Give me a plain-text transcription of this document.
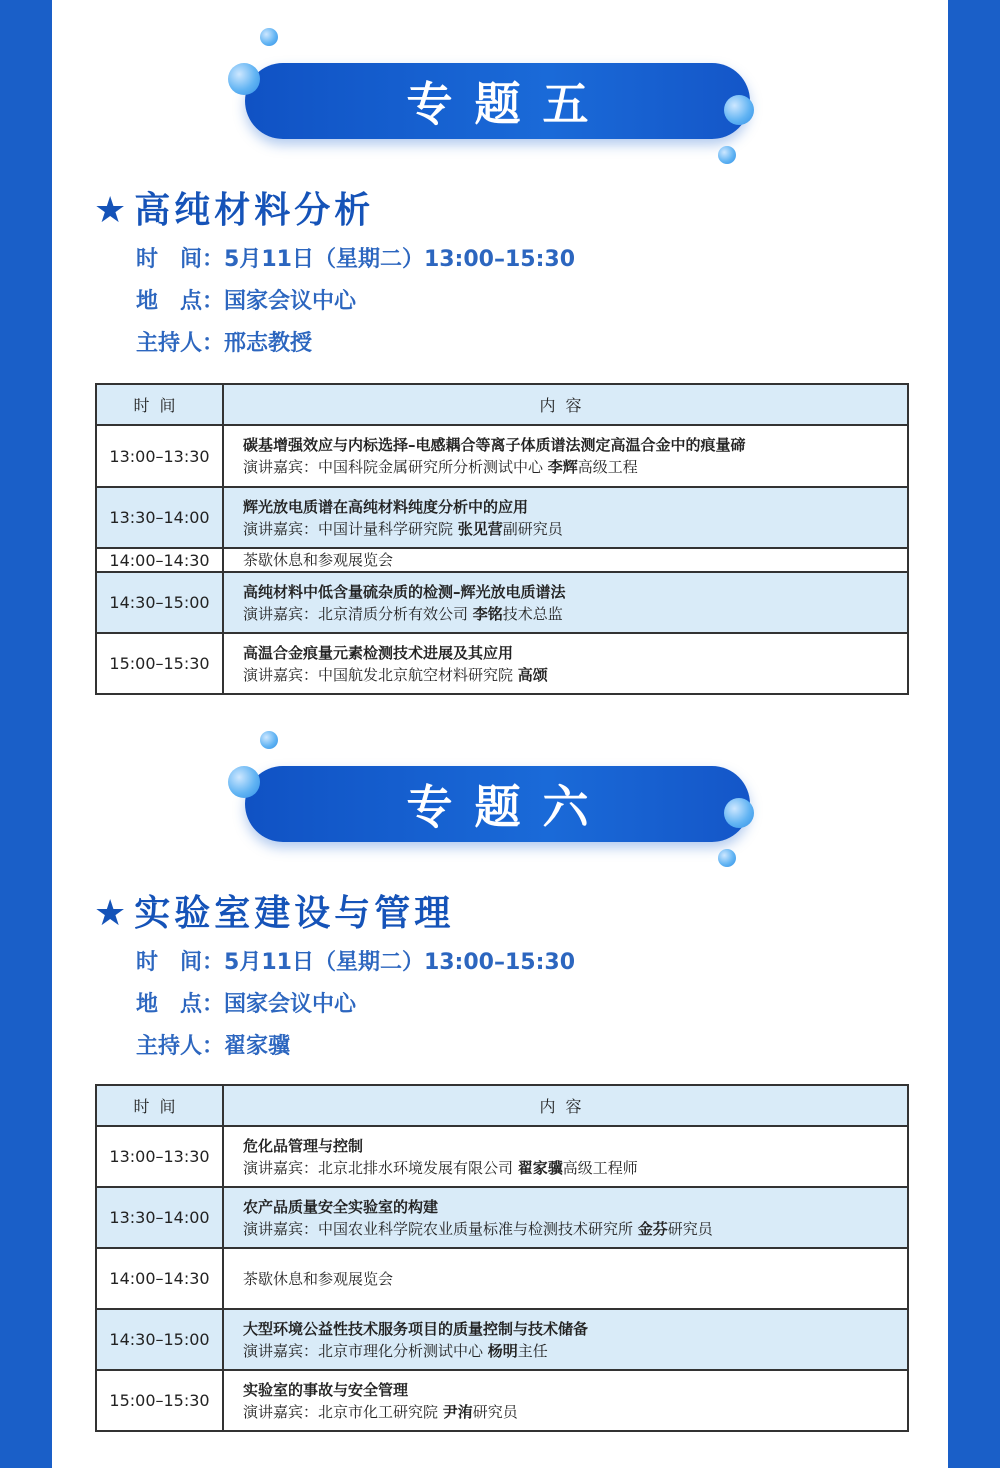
专题五
★ 高纯材料分析
时　间：5月11日（星期二）13:00–15:30
地　点：国家会议中心
主持人：邢志教授
时间	内容
13:00–13:30	碳基增强效应与内标选择–电感耦合等离子体质谱法测定高温合金中的痕量碲
演讲嘉宾：中国科院金属研究所分析测试中心 李辉高级工程

13:30–14:00	辉光放电质谱在高纯材料纯度分析中的应用
演讲嘉宾：中国计量科学研究院 张见营副研究员

14:00–14:30	茶歇休息和参观展览会
14:30–15:00	高纯材料中低含量硫杂质的检测–辉光放电质谱法
演讲嘉宾：北京清质分析有效公司 李铭技术总监

15:00–15:30	高温合金痕量元素检测技术进展及其应用
演讲嘉宾：中国航发北京航空材料研究院 高颂
专题六
★ 实验室建设与管理
时　间：5月11日（星期二）13:00–15:30
地　点：国家会议中心
主持人：翟家骥
时间	内容
13:00–13:30	危化品管理与控制
演讲嘉宾：北京北排水环境发展有限公司 翟家骥高级工程师

13:30–14:00	农产品质量安全实验室的构建
演讲嘉宾：中国农业科学院农业质量标准与检测技术研究所 金芬研究员

14:00–14:30	茶歇休息和参观展览会
14:30–15:00	大型环境公益性技术服务项目的质量控制与技术储备
演讲嘉宾：北京市理化分析测试中心 杨明主任

15:00–15:30	实验室的事故与安全管理
演讲嘉宾：北京市化工研究院 尹洧研究员
